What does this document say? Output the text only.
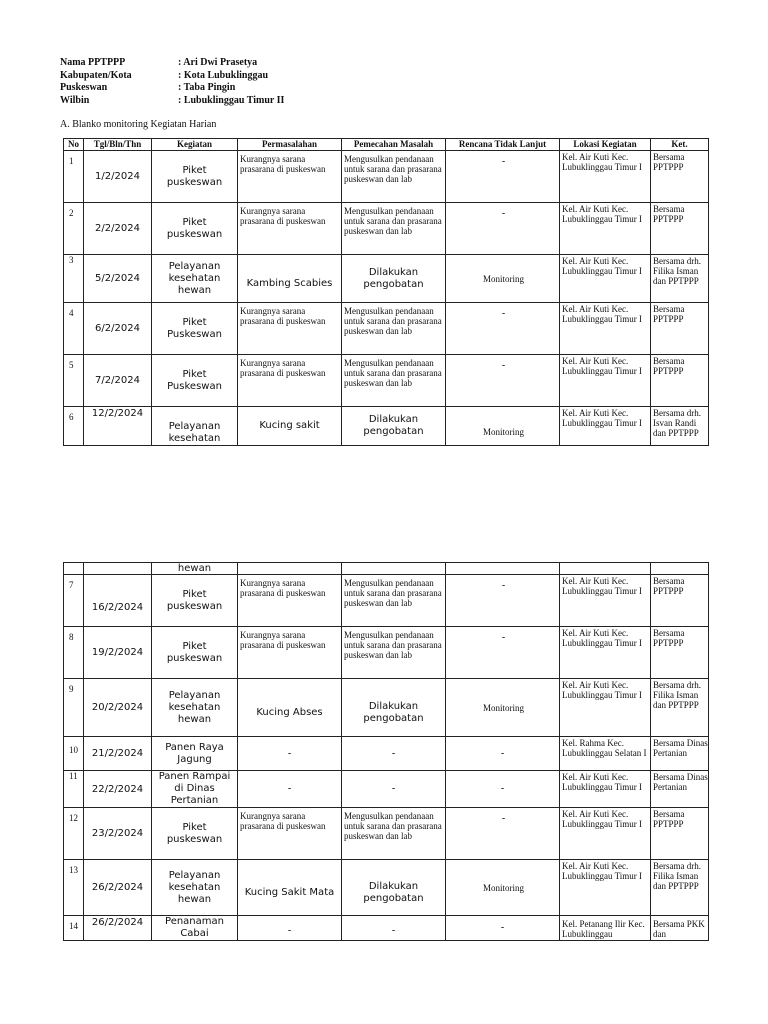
Nama PPTPPP	: Ari Dwi Prasetya
Kabupaten/Kota	: Kota Lubuklinggau
Puskeswan	: Taba Pingin
Wilbin	: Lubuklinggau Timur II
A. Blanko monitoring Kegiatan Harian
No	Tgl/Bln/Thn	Kegiatan	Permasalahan	Pemecahan Masalah	Rencana Tidak Lanjut	Lokasi Kegiatan	Ket.
1	1/2/2024	Piket puskeswan	Kurangnya sarana prasarana di puskeswan	Mengusulkan pendanaan untuk sarana dan prasarana puskeswan dan lab	-	Kel. Air Kuti Kec. Lubuklinggau Timur I	Bersama PPTPPP
2	2/2/2024	Piket puskeswan	Kurangnya sarana prasarana di puskeswan	Mengusulkan pendanaan untuk sarana dan prasarana puskeswan dan lab	-	Kel. Air Kuti Kec. Lubuklinggau Timur I	Bersama PPTPPP
3	5/2/2024	Pelayanan kesehatan hewan	Kambing Scabies	Dilakukan pengobatan	Monitoring	Kel. Air Kuti Kec. Lubuklinggau Timur I	Bersama drh. Filika Isman dan PPTPPP
4	6/2/2024	Piket Puskeswan	Kurangnya sarana prasarana di puskeswan	Mengusulkan pendanaan untuk sarana dan prasarana puskeswan dan lab	-	Kel. Air Kuti Kec. Lubuklinggau Timur I	Bersama PPTPPP
5	7/2/2024	Piket Puskeswan	Kurangnya sarana prasarana di puskeswan	Mengusulkan pendanaan untuk sarana dan prasarana puskeswan dan lab	-	Kel. Air Kuti Kec. Lubuklinggau Timur I	Bersama PPTPPP
6	12/2/2024	Pelayanan kesehatan	Kucing sakit	Dilakukan pengobatan	Monitoring	Kel. Air Kuti Kec. Lubuklinggau Timur I	Bersama drh. Isvan Randi dan PPTPPP
		hewan					
7	16/2/2024	Piket puskeswan	Kurangnya sarana prasarana di puskeswan	Mengusulkan pendanaan untuk sarana dan prasarana puskeswan dan lab	-	Kel. Air Kuti Kec. Lubuklinggau Timur I	Bersama PPTPPP
8	19/2/2024	Piket puskeswan	Kurangnya sarana prasarana di puskeswan	Mengusulkan pendanaan untuk sarana dan prasarana puskeswan dan lab	-	Kel. Air Kuti Kec. Lubuklinggau Timur I	Bersama PPTPPP
9	20/2/2024	Pelayanan kesehatan hewan	Kucing Abses	Dilakukan pengobatan	Monitoring	Kel. Air Kuti Kec. Lubuklinggau Timur I	Bersama drh. Filika Isman dan PPTPPP
10	21/2/2024	Panen Raya Jagung	-	-	-	Kel. Rahma Kec. Lubuklinggau Selatan I	Bersama Dinas Pertanian
11	22/2/2024	Panen Rampai di Dinas Pertanian	-	-	-	Kel. Air Kuti Kec. Lubuklinggau Timur I	Bersama Dinas Pertanian
12	23/2/2024	Piket puskeswan	Kurangnya sarana prasarana di puskeswan	Mengusulkan pendanaan untuk sarana dan prasarana puskeswan dan lab	-	Kel. Air Kuti Kec. Lubuklinggau Timur I	Bersama PPTPPP
13	26/2/2024	Pelayanan kesehatan hewan	Kucing Sakit Mata	Dilakukan pengobatan	Monitoring	Kel. Air Kuti Kec. Lubuklinggau Timur I	Bersama drh. Filika Isman dan PPTPPP
14	26/2/2024	Penanaman Cabai	-	-	-	Kel. Petanang Ilir Kec. Lubuklinggau	Bersama PKK dan
